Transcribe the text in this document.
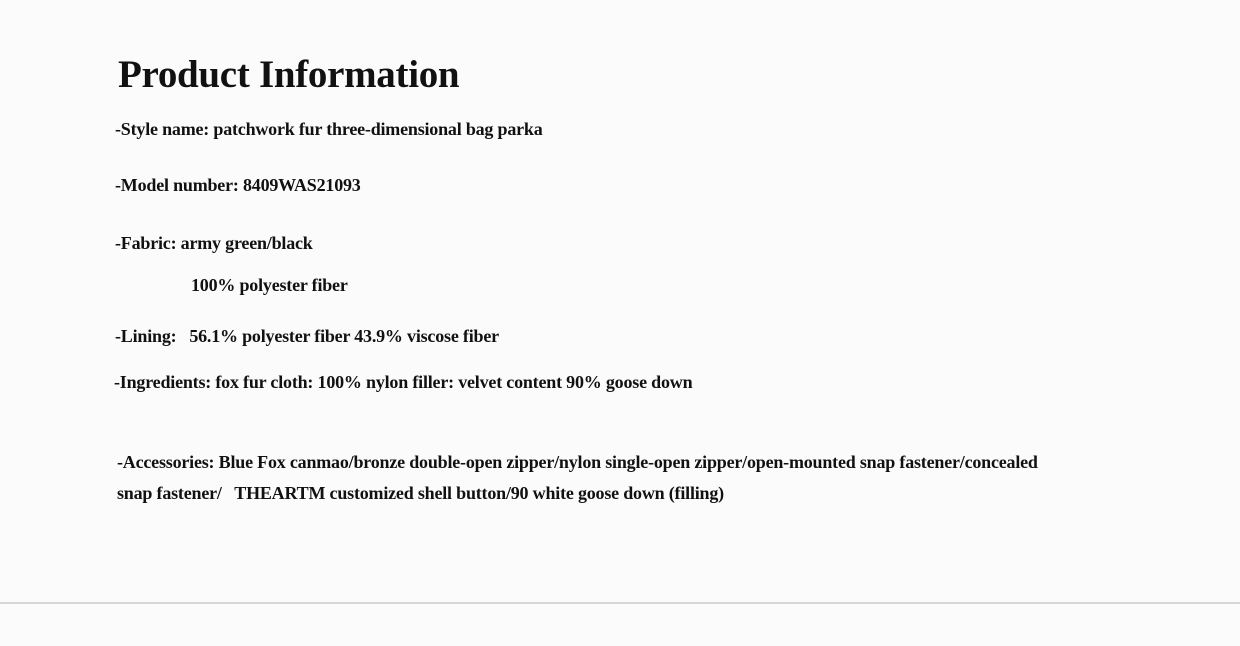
Product Information
-Style name: patchwork fur three-dimensional bag parka
-Model number: 8409WAS21093
-Fabric: army green/black
100% polyester fiber
-Lining:   56.1% polyester fiber 43.9% viscose fiber
-Ingredients: fox fur cloth: 100% nylon filler: velvet content 90% goose down
-Accessories: Blue Fox canmao/bronze double-open zipper/nylon single-open zipper/open-mounted snap fastener/concealed
snap fastener/   THEARTM customized shell button/90 white goose down (filling)
